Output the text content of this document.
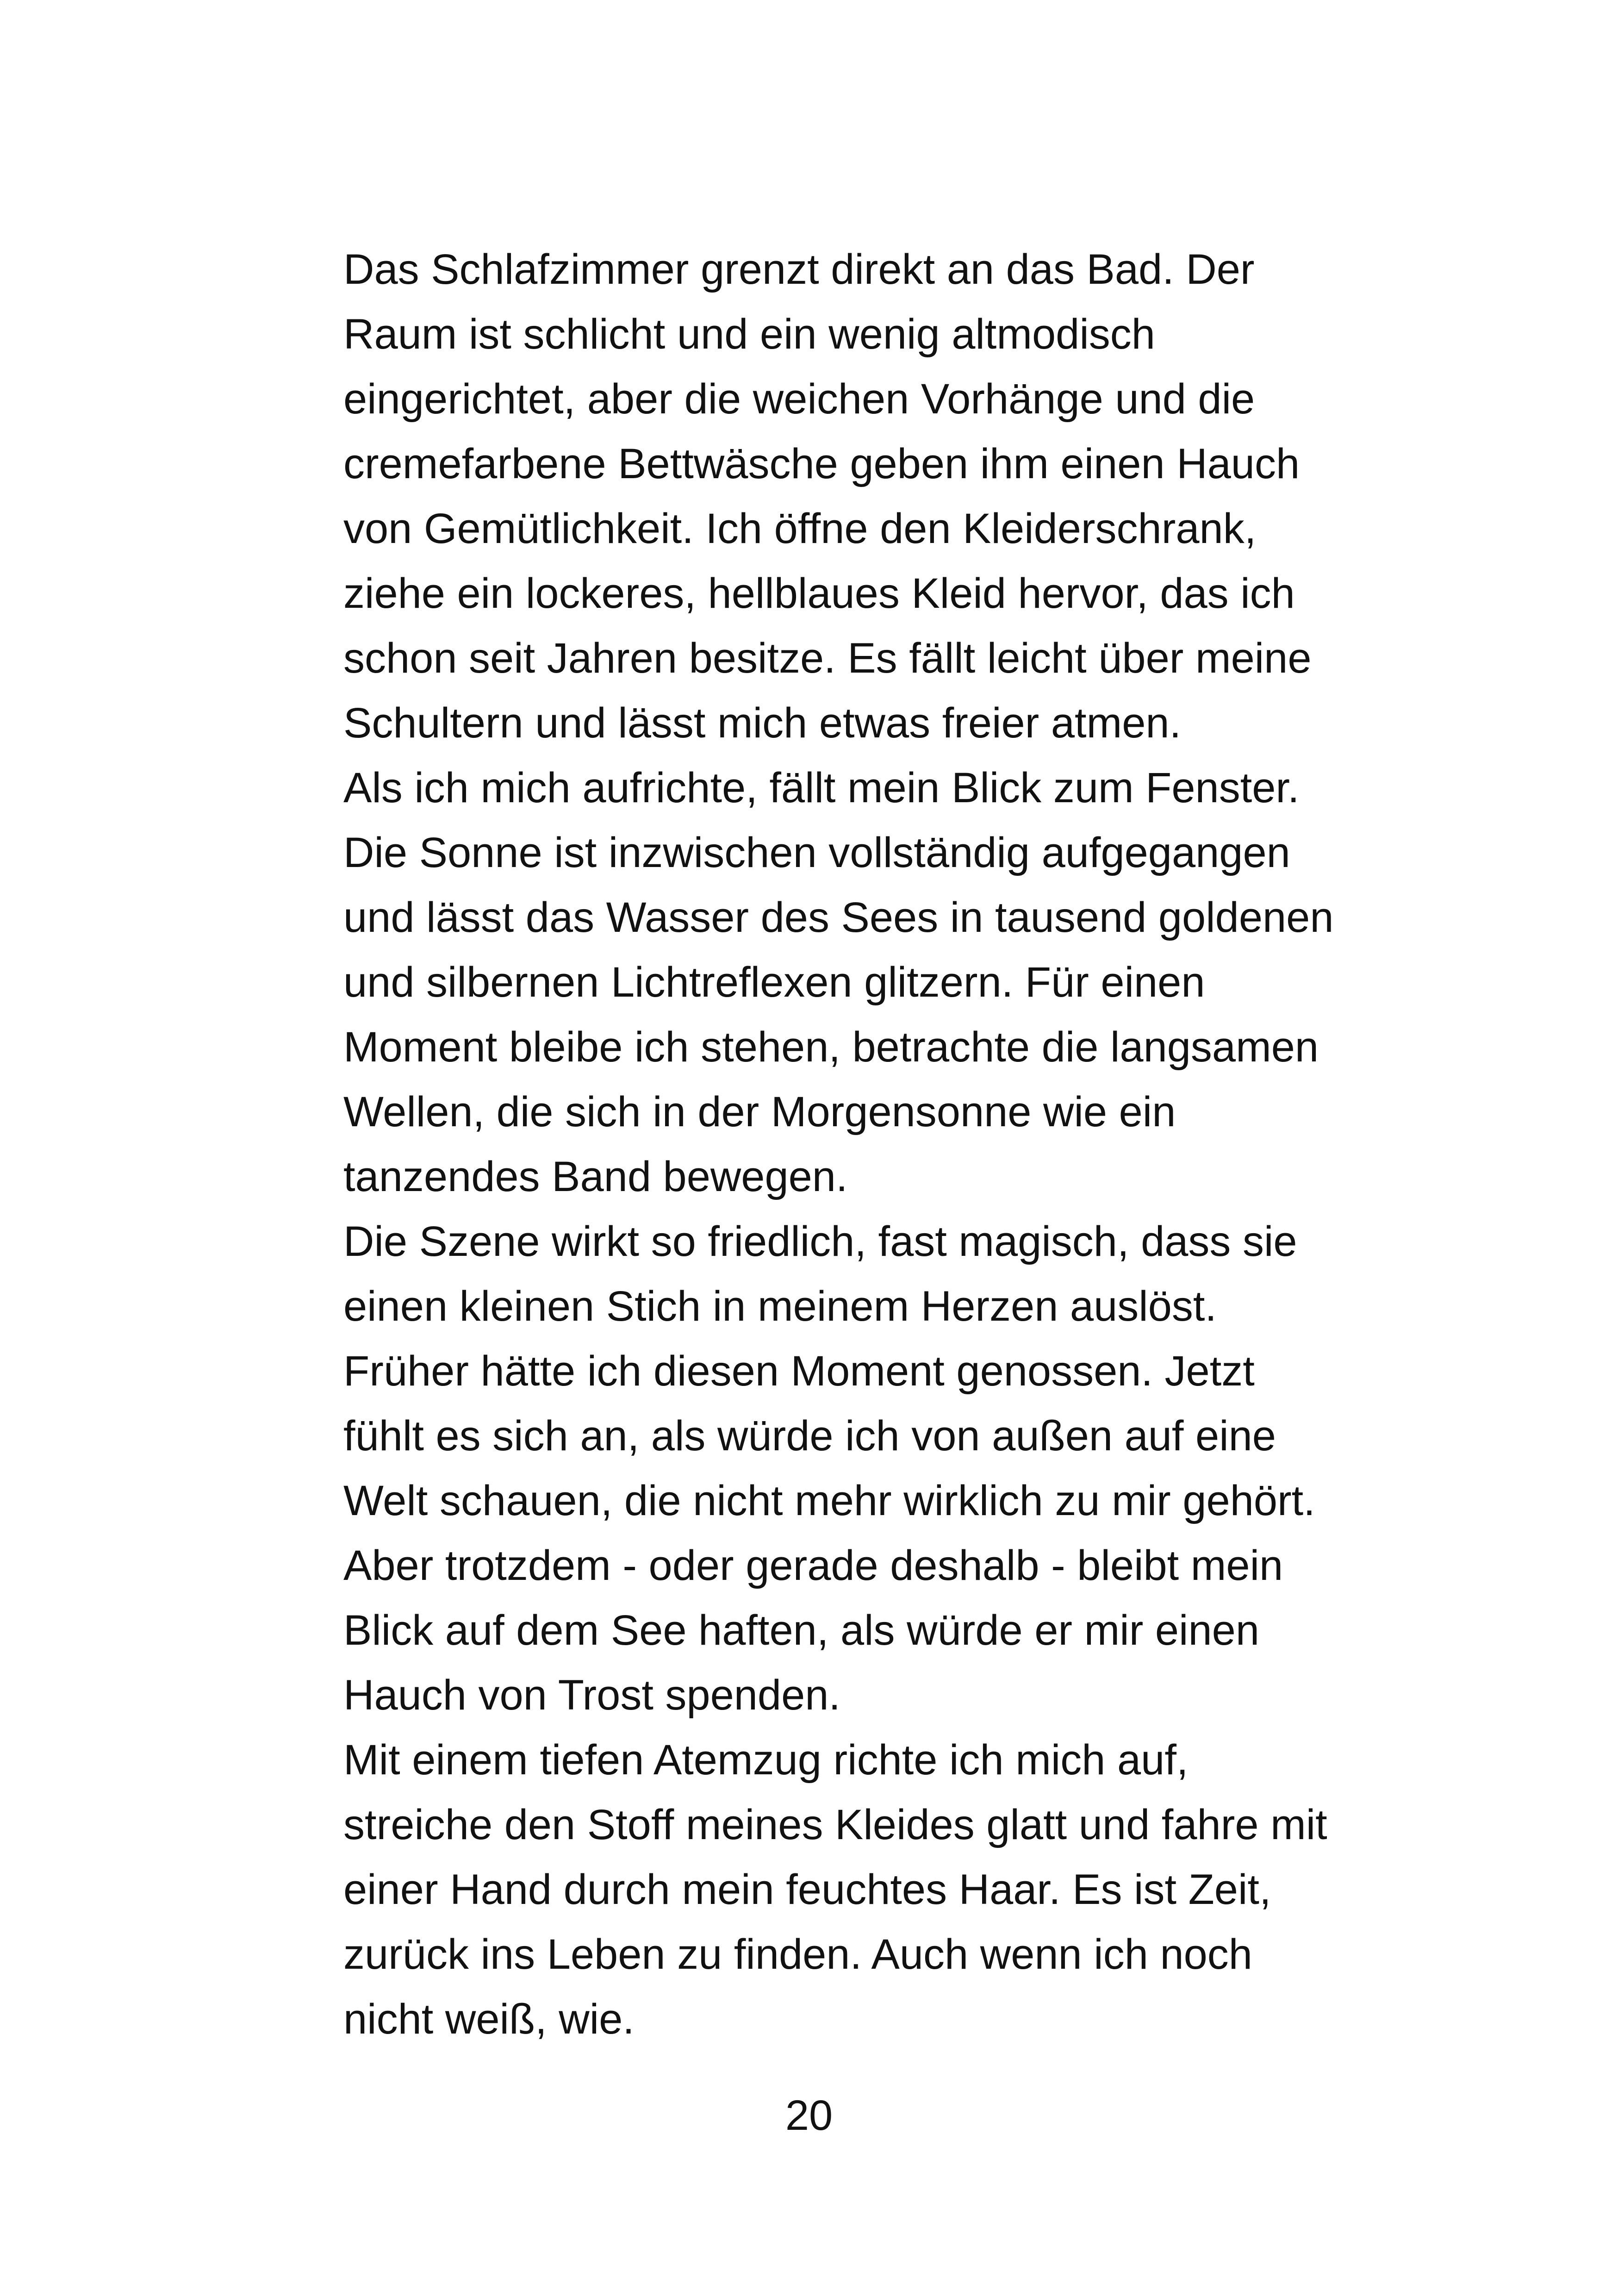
Das Schlafzimmer grenzt direkt an das Bad. Der
Raum ist schlicht und ein wenig altmodisch
eingerichtet, aber die weichen Vorhänge und die
cremefarbene Bettwäsche geben ihm einen Hauch
von Gemütlichkeit. Ich öffne den Kleiderschrank,
ziehe ein lockeres, hellblaues Kleid hervor, das ich
schon seit Jahren besitze. Es fällt leicht über meine
Schultern und lässt mich etwas freier atmen.
Als ich mich aufrichte, fällt mein Blick zum Fenster.
Die Sonne ist inzwischen vollständig aufgegangen
und lässt das Wasser des Sees in tausend goldenen
und silbernen Lichtreflexen glitzern. Für einen
Moment bleibe ich stehen, betrachte die langsamen
Wellen, die sich in der Morgensonne wie ein
tanzendes Band bewegen.
Die Szene wirkt so friedlich, fast magisch, dass sie
einen kleinen Stich in meinem Herzen auslöst.
Früher hätte ich diesen Moment genossen. Jetzt
fühlt es sich an, als würde ich von außen auf eine
Welt schauen, die nicht mehr wirklich zu mir gehört.
Aber trotzdem - oder gerade deshalb - bleibt mein
Blick auf dem See haften, als würde er mir einen
Hauch von Trost spenden.
Mit einem tiefen Atemzug richte ich mich auf,
streiche den Stoff meines Kleides glatt und fahre mit
einer Hand durch mein feuchtes Haar. Es ist Zeit,
zurück ins Leben zu finden. Auch wenn ich noch
nicht weiß, wie.
20
